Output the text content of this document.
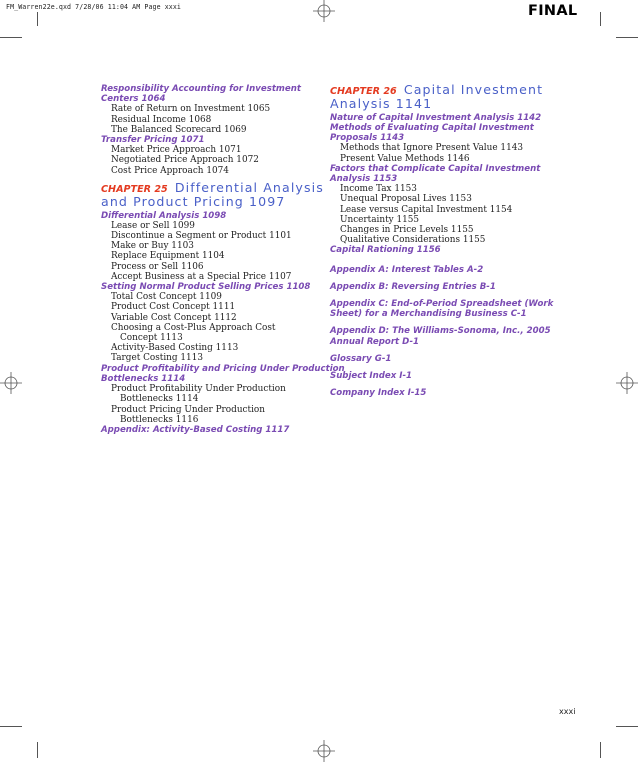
FM_Warren22e.qxd 7/28/06 11:04 AM Page xxxi	FINAL
Responsibility Accounting for Investment
Centers 1064
Rate of Return on Investment 1065
Residual Income 1068
The Balanced Scorecard 1069
Transfer Pricing 1071
Market Price Approach 1071
Negotiated Price Approach 1072
Cost Price Approach 1074
CHAPTER 25 Differential Analysis
and Product Pricing 1097
Differential Analysis 1098
Lease or Sell 1099
Discontinue a Segment or Product 1101
Make or Buy 1103
Replace Equipment 1104
Process or Sell 1106
Accept Business at a Special Price 1107
Setting Normal Product Selling Prices 1108
Total Cost Concept 1109
Product Cost Concept 1111
Variable Cost Concept 1112
Choosing a Cost-Plus Approach Cost
Concept 1113
Activity-Based Costing 1113
Target Costing 1113
Product Profitability and Pricing Under Production
Bottlenecks 1114
Product Profitability Under Production
Bottlenecks 1114
Product Pricing Under Production
Bottlenecks 1116
Appendix: Activity-Based Costing 1117
CHAPTER 26 Capital Investment
Analysis 1141
Nature of Capital Investment Analysis 1142
Methods of Evaluating Capital Investment
Proposals 1143
Methods that Ignore Present Value 1143
Present Value Methods 1146
Factors that Complicate Capital Investment
Analysis 1153
Income Tax 1153
Unequal Proposal Lives 1153
Lease versus Capital Investment 1154
Uncertainty 1155
Changes in Price Levels 1155
Qualitative Considerations 1155
Capital Rationing 1156
Appendix A: Interest Tables A-2
Appendix B: Reversing Entries B-1
Appendix C: End-of-Period Spreadsheet (Work
Sheet) for a Merchandising Business C-1
Appendix D: The Williams-Sonoma, Inc., 2005
Annual Report D-1
Glossary G-1
Subject Index I-1
Company Index I-15
xxxi
